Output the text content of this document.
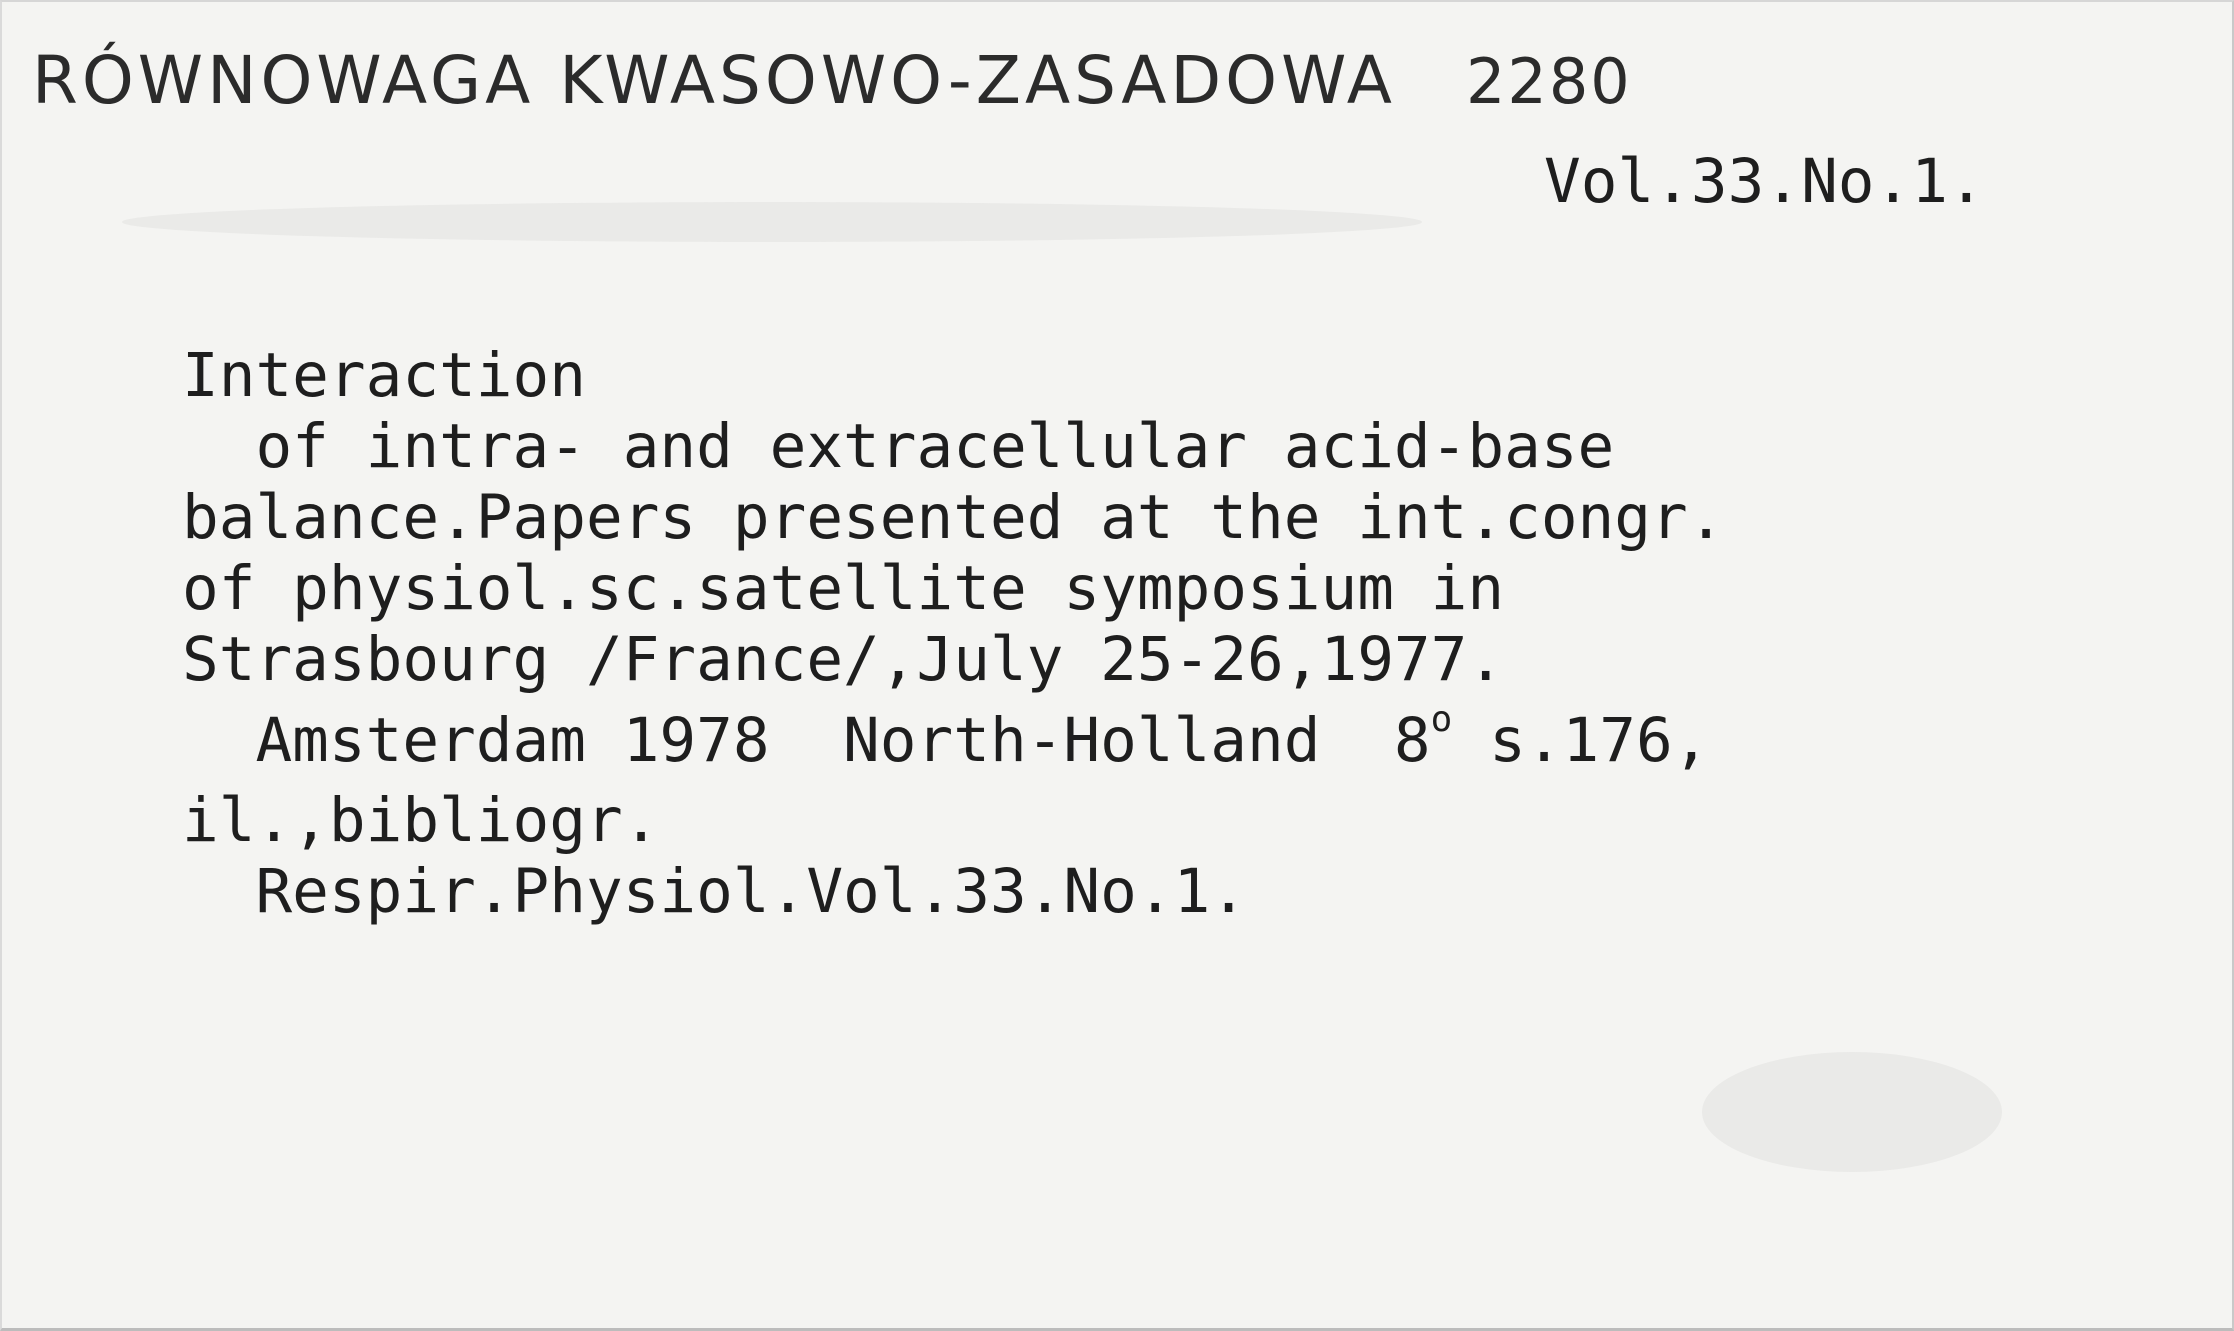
RÓWNOWAGA KWASOWO-ZASADOWA 2280
Vol.33.No.1.
Interaction
of intra- and extracellular acid-base
balance.Papers presented at the int.congr.
of physiol.sc.satellite symposium in
Strasbourg /France/,July 25-26,1977.
Amsterdam 1978  North-Holland  8$^o$ s.176,
il.,bibliogr.
Respir.Physiol.Vol.33.No.1.
